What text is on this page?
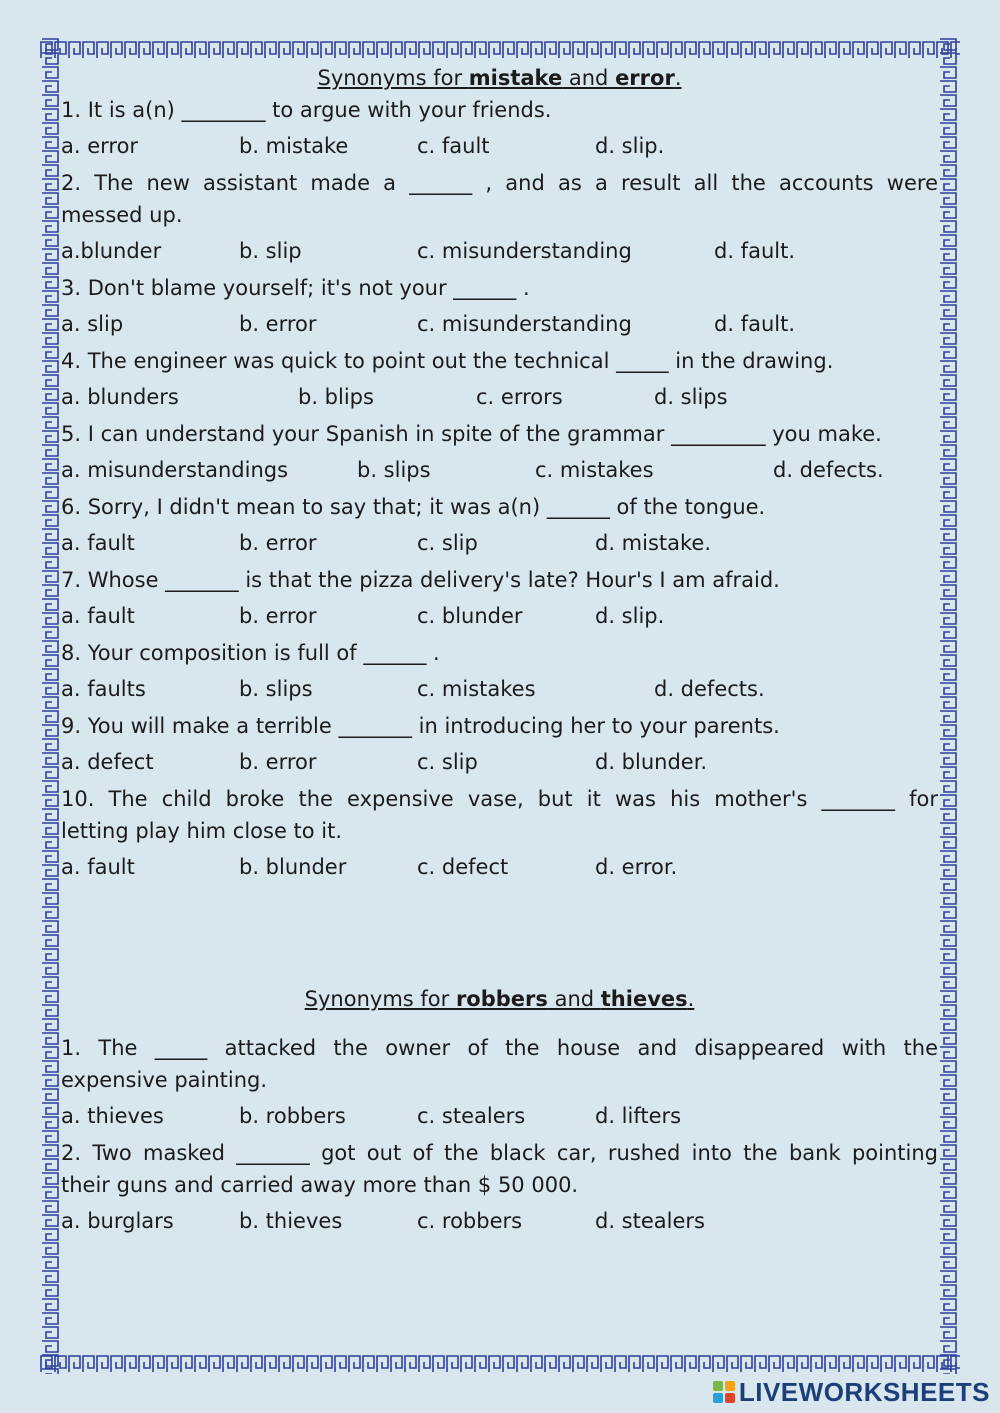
Synonyms for mistake and error.
1. It is a(n) ________ to argue with your friends.
a. error	b. mistake	c. fault	d. slip.
2. The new assistant made a ______ , and as a result all the accounts were
messed up.
a.blunder	b. slip	c. misunderstanding	d. fault.
3. Don't blame yourself; it's not your ______ .
a. slip	b. error	c. misunderstanding	d. fault.
4. The engineer was quick to point out the technical _____ in the drawing.
a. blunders	b. blips	c. errors	d. slips
5. I can understand your Spanish in spite of the grammar _________ you make.
a. misunderstandings	b. slips	c. mistakes	d. defects.
6. Sorry, I didn't mean to say that; it was a(n) ______ of the tongue.
a. fault	b. error	c. slip	d. mistake.
7. Whose _______ is that the pizza delivery's late? Hour's I am afraid.
a. fault	b. error	c. blunder	d. slip.
8. Your composition is full of ______ .
a. faults	b. slips	c. mistakes	d. defects.
9. You will make a terrible _______ in introducing her to your parents.
a. defect	b. error	c. slip	d. blunder.
10. The child broke the expensive vase, but it was his mother's _______ for
letting play him close to it.
a. fault	b. blunder	c. defect	d. error.
Synonyms for robbers and thieves.
1. The _____ attacked the owner of the house and disappeared with the
expensive painting.
a. thieves	b. robbers	c. stealers	d. lifters
2. Two masked _______ got out of the black car, rushed into the bank pointing
their guns and carried away more than $ 50 000.
a. burglars	b. thieves	c. robbers	d. stealers
LIVEWORKSHEETS
